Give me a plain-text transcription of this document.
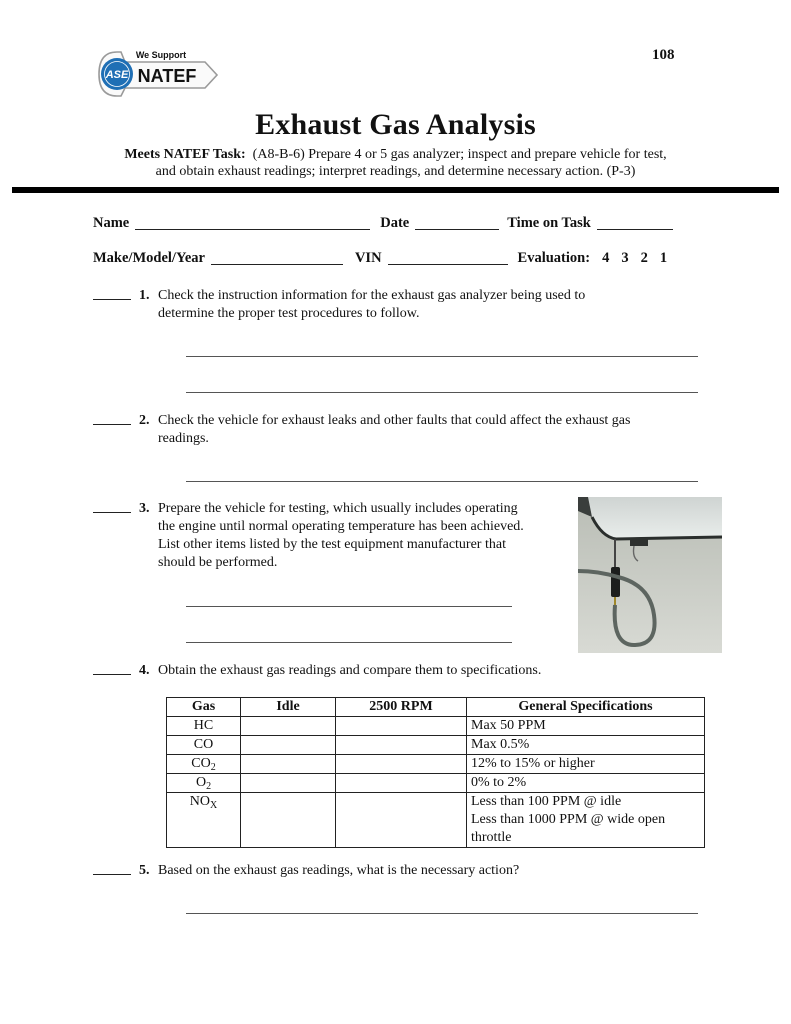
ASE
We Support
NATEF
108
Exhaust Gas Analysis
Meets NATEF Task: (A8-B-6) Prepare 4 or 5 gas analyzer; inspect and prepare vehicle for test,
and obtain exhaust readings; interpret readings, and determine necessary action. (P-3)
Name	Date	Time on Task
Make/Model/Year	VIN	Evaluation: 4 3 2 1
1. Check the instruction information for the exhaust gas analyzer being used to
determine the proper test procedures to follow.
2. Check the vehicle for exhaust leaks and other faults that could affect the exhaust gas
readings.
3. Prepare the vehicle for testing, which usually includes operating
the engine until normal operating temperature has been achieved.
List other items listed by the test equipment manufacturer that
should be performed.
4. Obtain the exhaust gas readings and compare them to specifications.
Gas	Idle	2500 RPM	General Specifications
HC			Max 50 PPM
CO			Max 0.5%
$CO_2$			12% to 15% or higher
$O_2$			0% to 2%
$NO_X$			Less than 100 PPM @ idle
Less than 1000 PPM @ wide open
throttle
5. Based on the exhaust gas readings, what is the necessary action?
